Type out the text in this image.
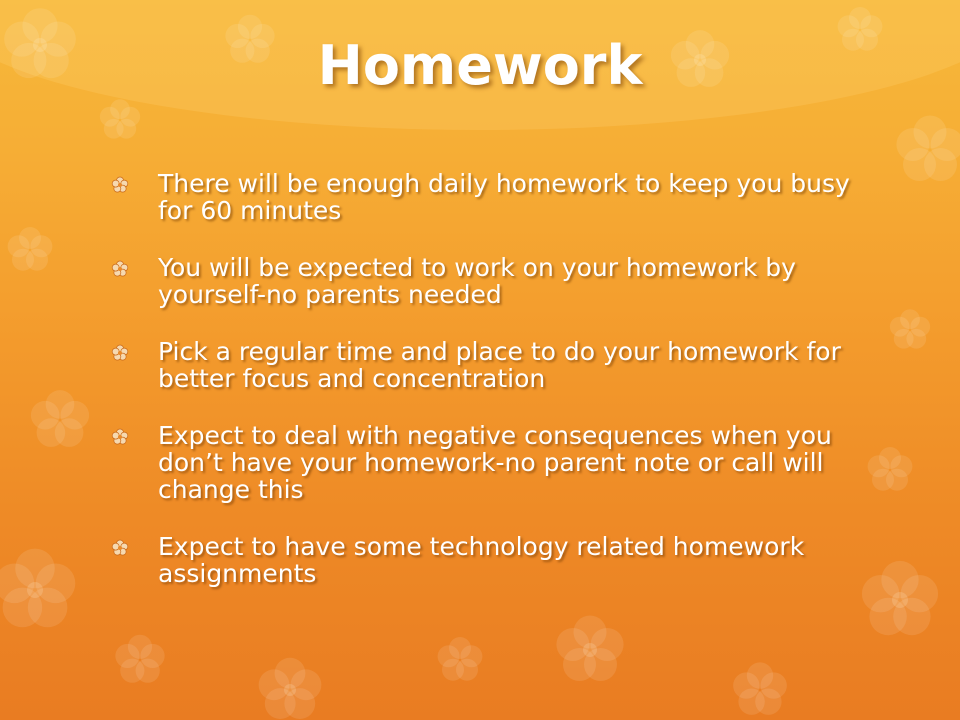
Homework
There will be enough daily homework to keep you busy for 60 minutes
You will be expected to work on your homework by yourself-no parents needed
Pick a regular time and place to do your homework for better focus and concentration
Expect to deal with negative consequences when you don’t have your homework-no parent note or call will change this
Expect to have some technology related homework assignments
